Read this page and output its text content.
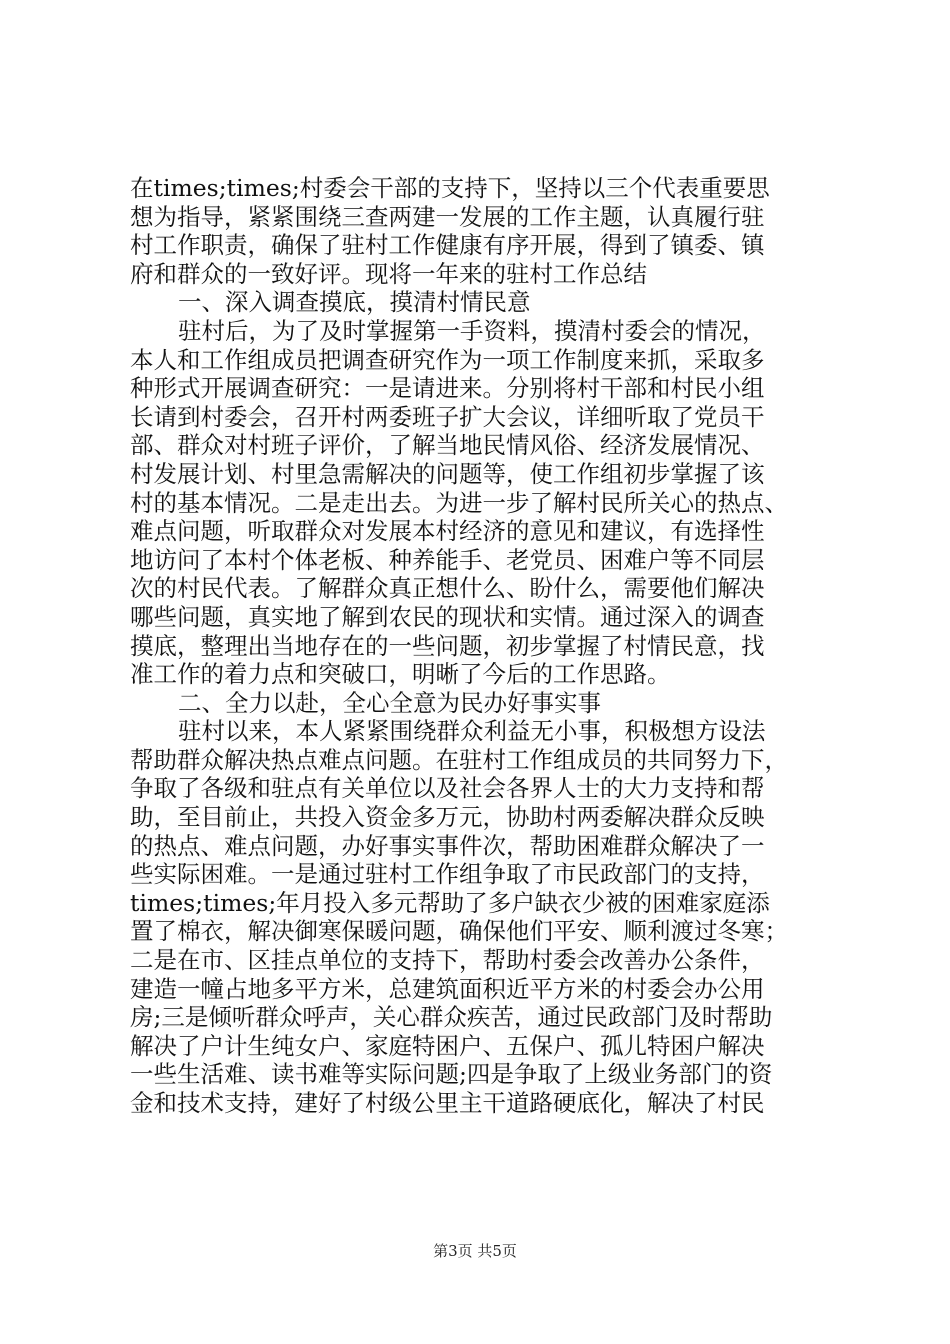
在times;times;村委会干部的支持下，坚持以三个代表重要思
想为指导，紧紧围绕三查两建一发展的工作主题，认真履行驻
村工作职责，确保了驻村工作健康有序开展，得到了镇委、镇
府和群众的一致好评。现将一年来的驻村工作总结
一、深入调查摸底，摸清村情民意
驻村后，为了及时掌握第一手资料，摸清村委会的情况，
本人和工作组成员把调查研究作为一项工作制度来抓，采取多
种形式开展调查研究：一是请进来。分别将村干部和村民小组
长请到村委会，召开村两委班子扩大会议，详细听取了党员干
部、群众对村班子评价，了解当地民情风俗、经济发展情况、
村发展计划、村里急需解决的问题等，使工作组初步掌握了该
村的基本情况。二是走出去。为进一步了解村民所关心的热点、
难点问题，听取群众对发展本村经济的意见和建议，有选择性
地访问了本村个体老板、种养能手、老党员、困难户等不同层
次的村民代表。了解群众真正想什么、盼什么，需要他们解决
哪些问题，真实地了解到农民的现状和实情。通过深入的调查
摸底，整理出当地存在的一些问题，初步掌握了村情民意，找
准工作的着力点和突破口，明晰了今后的工作思路。
二、全力以赴，全心全意为民办好事实事
驻村以来，本人紧紧围绕群众利益无小事，积极想方设法
帮助群众解决热点难点问题。在驻村工作组成员的共同努力下，
争取了各级和驻点有关单位以及社会各界人士的大力支持和帮
助，至目前止，共投入资金多万元，协助村两委解决群众反映
的热点、难点问题，办好事实事件次，帮助困难群众解决了一
些实际困难。一是通过驻村工作组争取了市民政部门的支持，
times;times;年月投入多元帮助了多户缺衣少被的困难家庭添
置了棉衣，解决御寒保暖问题，确保他们平安、顺利渡过冬寒；
二是在市、区挂点单位的支持下，帮助村委会改善办公条件，
建造一幢占地多平方米，总建筑面积近平方米的村委会办公用
房;三是倾听群众呼声，关心群众疾苦，通过民政部门及时帮助
解决了户计生纯女户、家庭特困户、五保户、孤儿特困户解决
一些生活难、读书难等实际问题;四是争取了上级业务部门的资
金和技术支持，建好了村级公里主干道路硬底化，解决了村民
第3页 共5页
